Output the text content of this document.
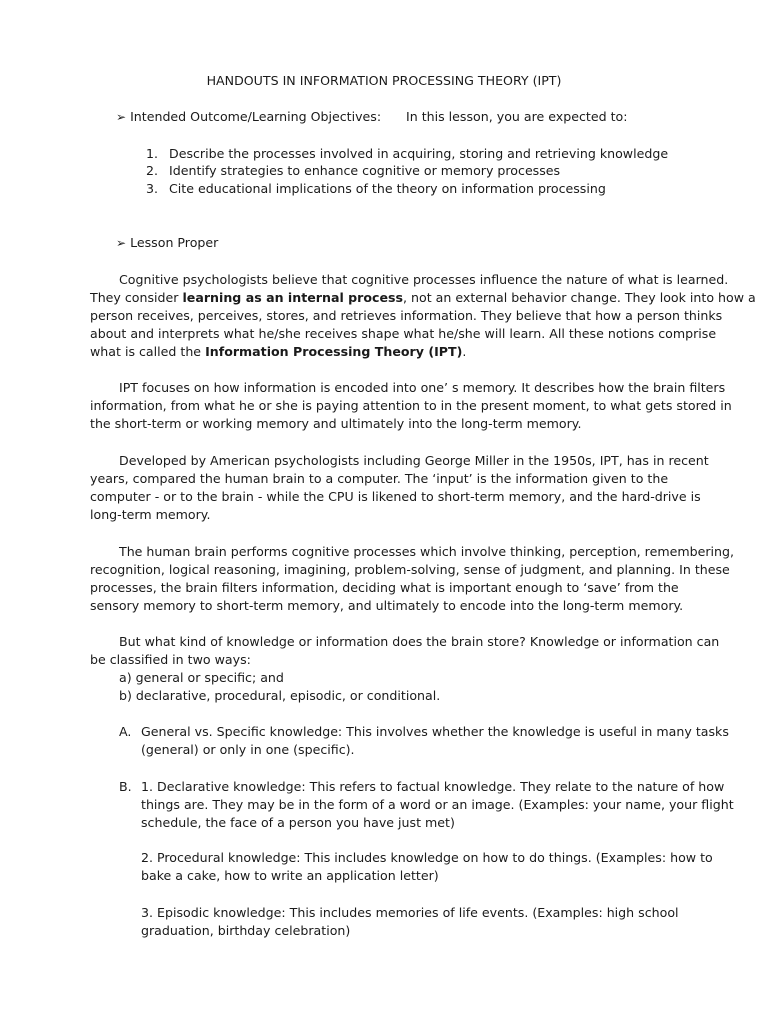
HANDOUTS IN INFORMATION PROCESSING THEORY (IPT)

➢ Intended Outcome/Learning Objectives: In this lesson, you are expected to:

1. Describe the processes involved in acquiring, storing and retrieving knowledge

2. Identify strategies to enhance cognitive or memory processes

3. Cite educational implications of the theory on information processing

➢ Lesson Proper

Cognitive psychologists believe that cognitive processes influence the nature of what is learned.

They consider learning as an internal process, not an external behavior change. They look into how a

person receives, perceives, stores, and retrieves information. They believe that how a person thinks

about and interprets what he/she receives shape what he/she will learn. All these notions comprise

what is called the Information Processing Theory (IPT).

IPT focuses on how information is encoded into one’ s memory. It describes how the brain filters

information, from what he or she is paying attention to in the present moment, to what gets stored in

the short-term or working memory and ultimately into the long-term memory.

Developed by American psychologists including George Miller in the 1950s, IPT, has in recent

years, compared the human brain to a computer. The ‘input’ is the information given to the

computer - or to the brain - while the CPU is likened to short-term memory, and the hard-drive is

long-term memory.

The human brain performs cognitive processes which involve thinking, perception, remembering,

recognition, logical reasoning, imagining, problem-solving, sense of judgment, and planning. In these

processes, the brain filters information, deciding what is important enough to ‘save’ from the

sensory memory to short-term memory, and ultimately to encode into the long-term memory.

But what kind of knowledge or information does the brain store? Knowledge or information can

be classified in two ways:

a) general or specific; and

b) declarative, procedural, episodic, or conditional.

A. General vs. Specific knowledge: This involves whether the knowledge is useful in many tasks

(general) or only in one (specific).

B. 1. Declarative knowledge: This refers to factual knowledge. They relate to the nature of how

things are. They may be in the form of a word or an image. (Examples: your name, your flight

schedule, the face of a person you have just met)

2. Procedural knowledge: This includes knowledge on how to do things. (Examples: how to

bake a cake, how to write an application letter)

3. Episodic knowledge: This includes memories of life events. (Examples: high school

graduation, birthday celebration)
